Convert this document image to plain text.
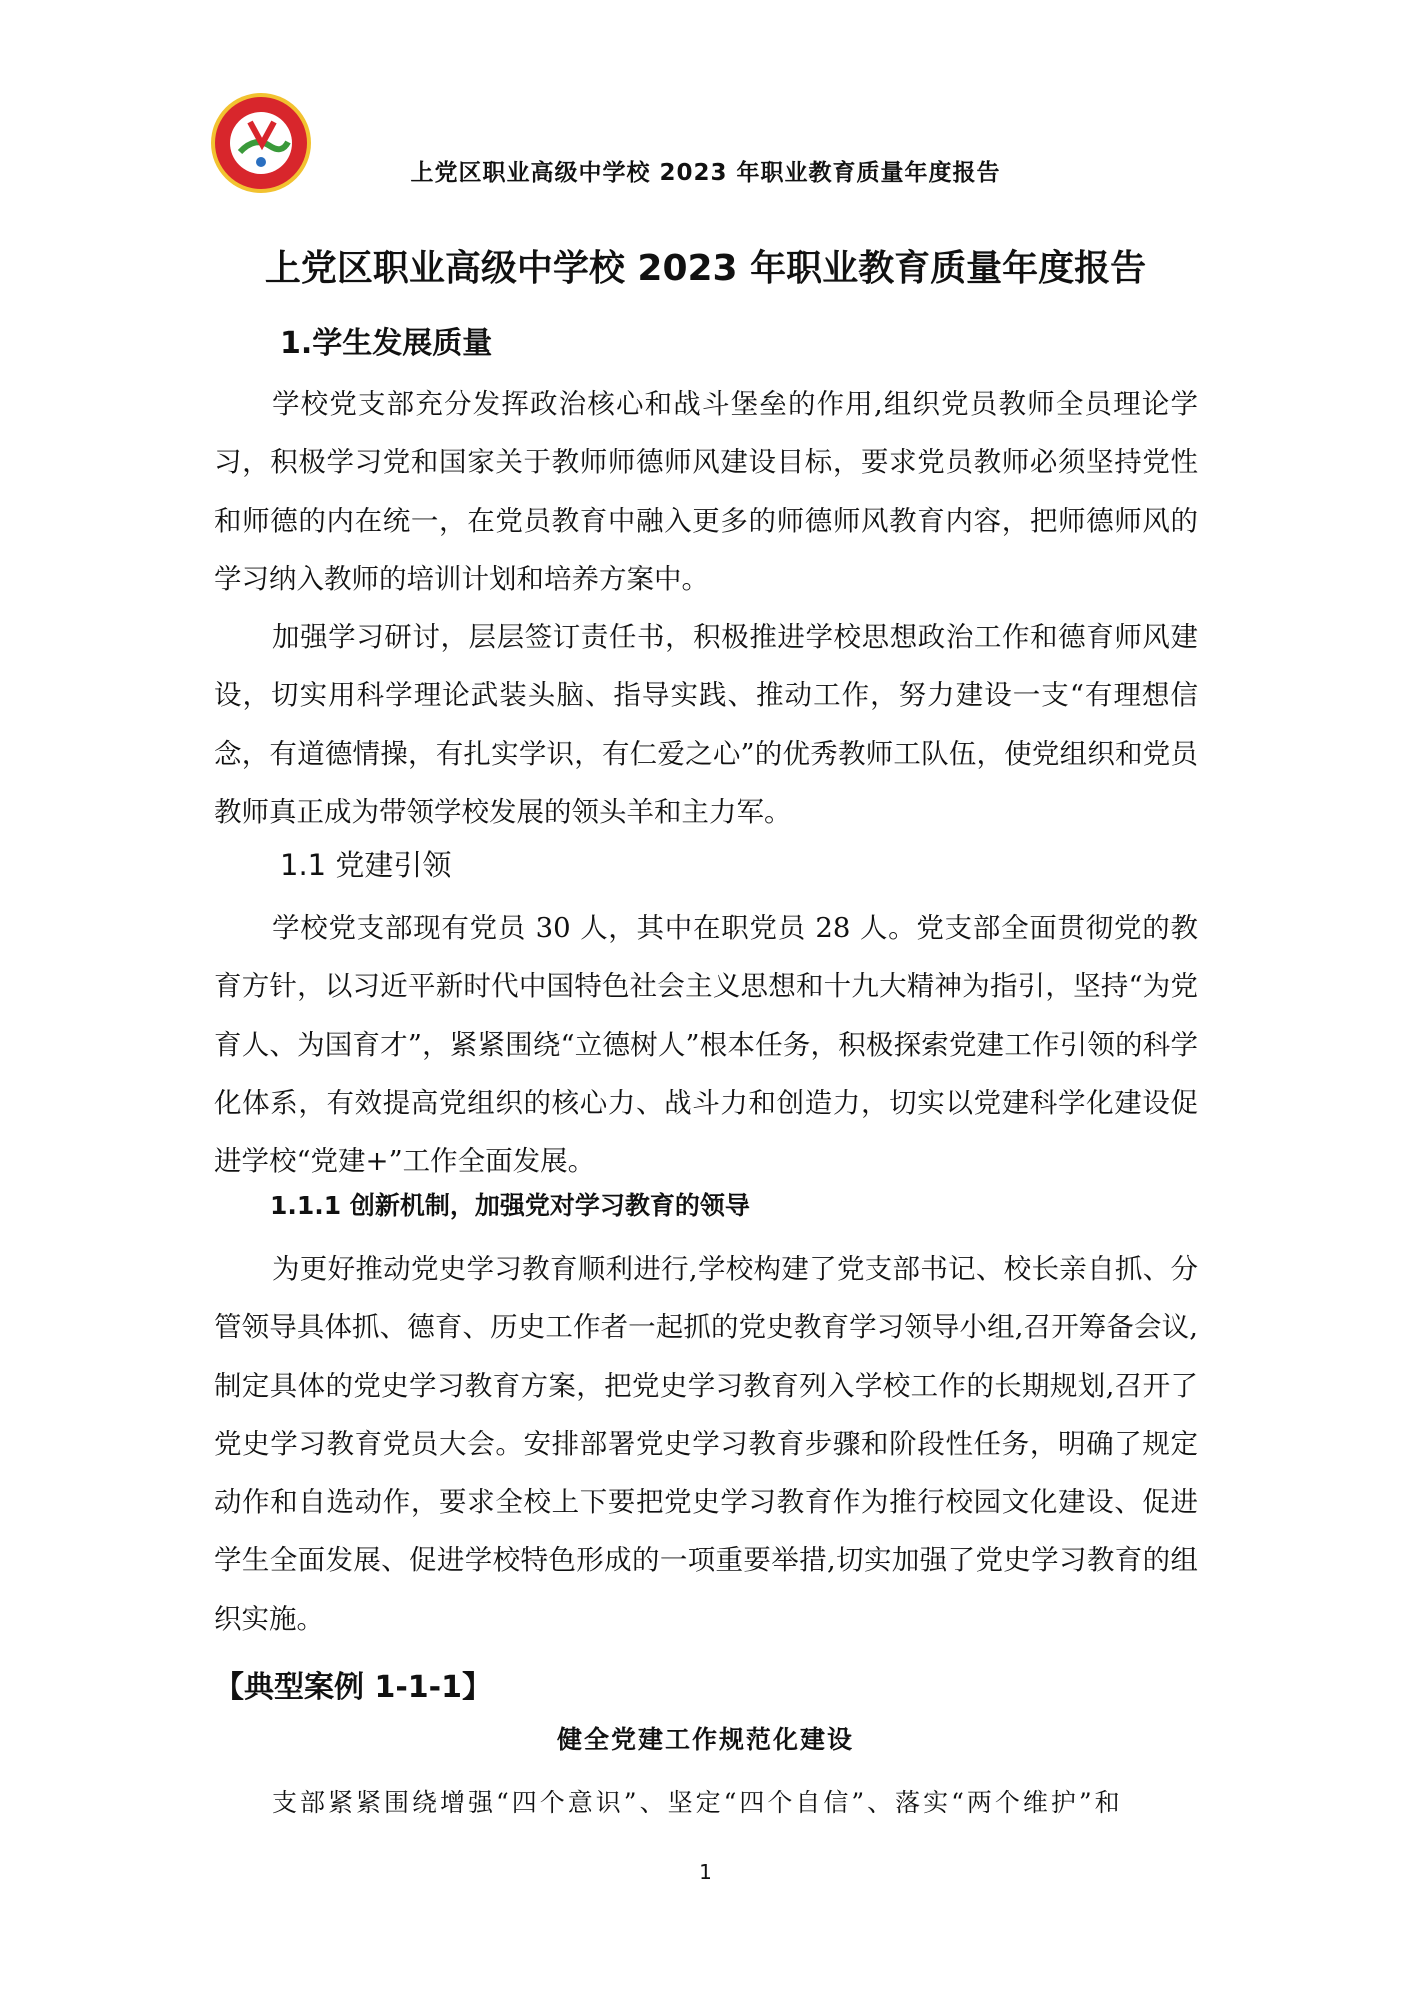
上党区职业高级中学校 2023 年职业教育质量年度报告
上党区职业高级中学校 2023 年职业教育质量年度报告
1.学生发展质量

学校党支部充分发挥政治核心和战斗堡垒的作用,组织党员教师全员理论学习，积极学习党和国家关于教师师德师风建设目标，要求党员教师必须坚持党性和师德的内在统一，在党员教育中融入更多的师德师风教育内容，把师德师风的学习纳入教师的培训计划和培养方案中。

加强学习研讨，层层签订责任书，积极推进学校思想政治工作和德育师风建设，切实用科学理论武装头脑、指导实践、推动工作，努力建设一支“有理想信念，有道德情操，有扎实学识，有仁爱之心”的优秀教师工队伍，使党组织和党员教师真正成为带领学校发展的领头羊和主力军。

1.1 党建引领

学校党支部现有党员 30 人，其中在职党员 28 人。党支部全面贯彻党的教育方针，以习近平新时代中国特色社会主义思想和十九大精神为指引，坚持“为党育人、为国育才”，紧紧围绕“立德树人”根本任务，积极探索党建工作引领的科学化体系，有效提高党组织的核心力、战斗力和创造力，切实以党建科学化建设促进学校“党建+”工作全面发展。

1.1.1 创新机制，加强党对学习教育的领导

为更好推动党史学习教育顺利进行,学校构建了党支部书记、校长亲自抓、分管领导具体抓、德育、历史工作者一起抓的党史教育学习领导小组,召开筹备会议,制定具体的党史学习教育方案，把党史学习教育列入学校工作的长期规划,召开了党史学习教育党员大会。安排部署党史学习教育步骤和阶段性任务，明确了规定动作和自选动作，要求全校上下要把党史学习教育作为推行校园文化建设、促进学生全面发展、促进学校特色形成的一项重要举措,切实加强了党史学习教育的组织实施。

【典型案例 1-1-1】
健全党建工作规范化建设

支部紧紧围绕增强“四个意识”、坚定“四个自信”、落实“两个维护”和

1
